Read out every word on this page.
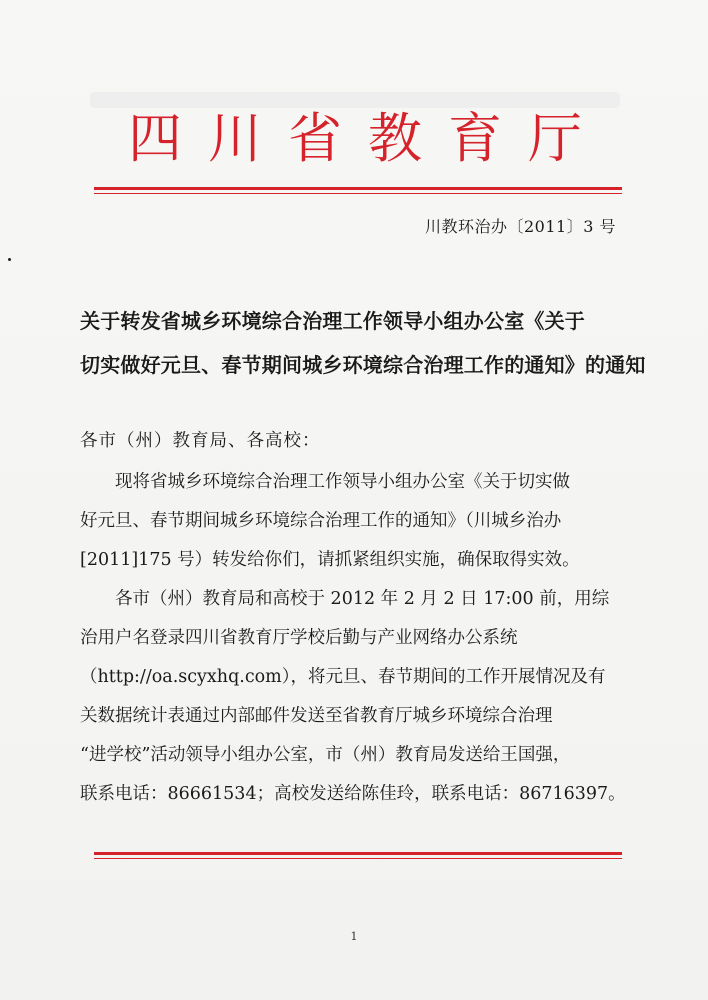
四川省教育厅
川教环治办〔2011〕3 号
关于转发省城乡环境综合治理工作领导小组办公室《关于
切实做好元旦、春节期间城乡环境综合治理工作的通知》的通知
各市（州）教育局、各高校：
现将省城乡环境综合治理工作领导小组办公室《关于切实做
好元旦、春节期间城乡环境综合治理工作的通知》（川城乡治办
[2011]175 号）转发给你们，请抓紧组织实施，确保取得实效。
各市（州）教育局和高校于 2012 年 2 月 2 日 17:00 前，用综
治用户名登录四川省教育厅学校后勤与产业网络办公系统
（http://oa.scyxhq.com），将元旦、春节期间的工作开展情况及有
关数据统计表通过内部邮件发送至省教育厅城乡环境综合治理
“进学校”活动领导小组办公室，市（州）教育局发送给王国强，
联系电话：86661534；高校发送给陈佳玲，联系电话：86716397。
1
